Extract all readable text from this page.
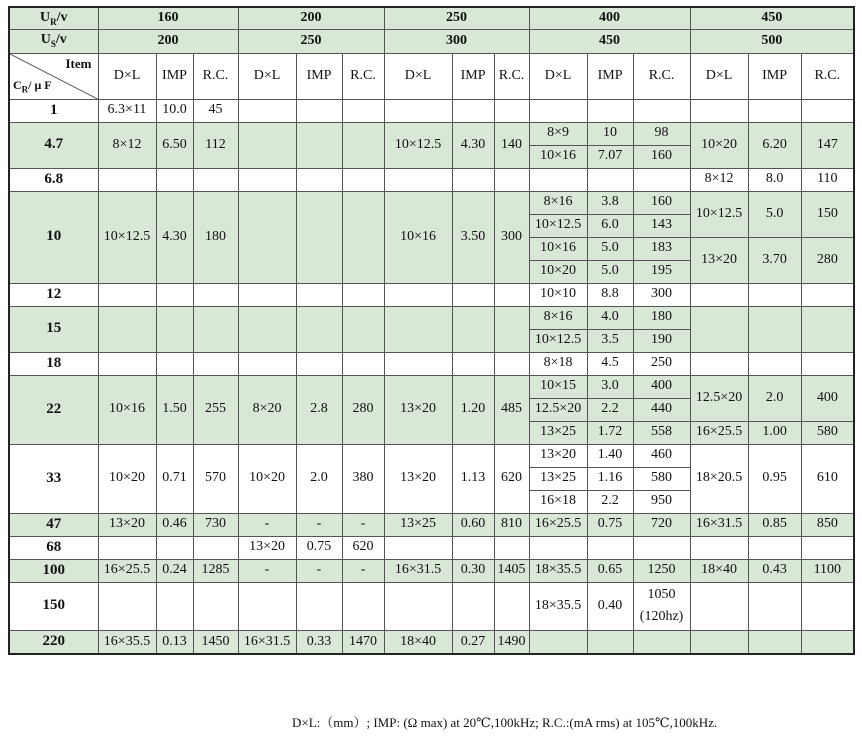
$U_R/v$	160			200			250			400			450		
$U_S/v$	200			250			300			450			500		

Item
$C_R/$ μ F	D×L	IMP	R.C.	D×L	IMP	R.C.	D×L	IMP	R.C.	D×L	IMP	R.C.	D×L	IMP	R.C.
1	6.3×11	10.0	45												
4.7	8×12	6.50	112				10×12.5	4.30	140	8×9	10	98	10×20	6.20	147
										10×16	7.07	160			
6.8													8×12	8.0	110
10	10×12.5	4.30	180				10×16	3.50	300	8×16	3.8	160	10×12.5	5.0	150
										10×12.5	6.0	143			
										10×16	5.0	183	13×20	3.70	280
										10×20	5.0	195			
12										10×10	8.8	300			
15										8×16	4.0	180			
										10×12.5	3.5	190			
18										8×18	4.5	250			
22	10×16	1.50	255	8×20	2.8	280	13×20	1.20	485	10×15	3.0	400	12.5×20	2.0	400
										12.5×20	2.2	440			
										13×25	1.72	558	16×25.5	1.00	580
33	10×20	0.71	570	10×20	2.0	380	13×20	1.13	620	13×20	1.40	460	18×20.5	0.95	610
										13×25	1.16	580			
										16×18	2.2	950			
47	13×20	0.46	730	-	-	-	13×25	0.60	810	16×25.5	0.75	720	16×31.5	0.85	850
68				13×20	0.75	620									
100	16×25.5	0.24	1285	-	-	-	16×31.5	0.30	1405	18×35.5	0.65	1250	18×40	0.43	1100
150										18×35.5	0.40	1050
(120hz)			

220	16×35.5	0.13	1450	16×31.5	0.33	1470	18×40	0.27	1490						
D×L:（mm）; IMP: (Ω max) at 20℃,100kHz; R.C.:(mA rms) at 105℃,100kHz.
